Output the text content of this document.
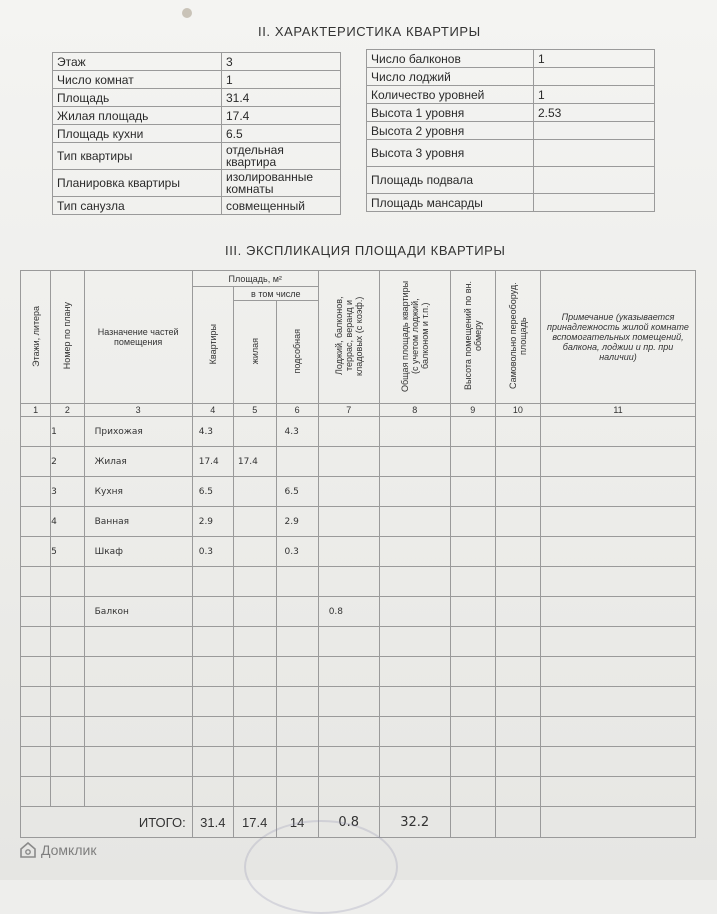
II. ХАРАКТЕРИСТИКА КВАРТИРЫ
Этаж	3
Число комнат	1
Площадь	31.4
Жилая площадь	17.4
Площадь кухни	6.5
Тип квартиры	отдельная квартира
Планировка квартиры	изолированные комнаты
Тип санузла	совмещенный
Число балконов	1
Число лоджий	
Количество уровней	1
Высота 1 уровня	2.53
Высота 2 уровня	
Высота 3 уровня	
Площадь подвала	
Площадь мансарды	
III. ЭКСПЛИКАЦИЯ ПЛОЩАДИ КВАРТИРЫ
Этажи, литера	Номер по плану	Назначение частей помещения	Площадь, м²			Лоджий, балконов, террас, веранд и кладовых (с коэф.)	Общая площадь квартиры (с учетом лоджий, балконом и т.п.)	Высота помещений по вн. обмеру	Самовольно переоборуд. площадь	Примечание (указывается принадлежность жилой комнате вспомогательных помещений, балкона, лоджии и пр. при наличии)
			Квартиры	в том числе						
				жилая	подсобная					
1	2	3	4	5	6	7	8	9	10	11
	1	Прихожая	4.3		4.3					
	2	Жилая	17.4	17.4						
	3	Кухня	6.5		6.5					
	4	Ванная	2.9		2.9					
	5	Шкаф	0.3		0.3					

		Балкон				0.8				

ИТОГО:			31.4	17.4	14	0.8	32.2			
Домклик
